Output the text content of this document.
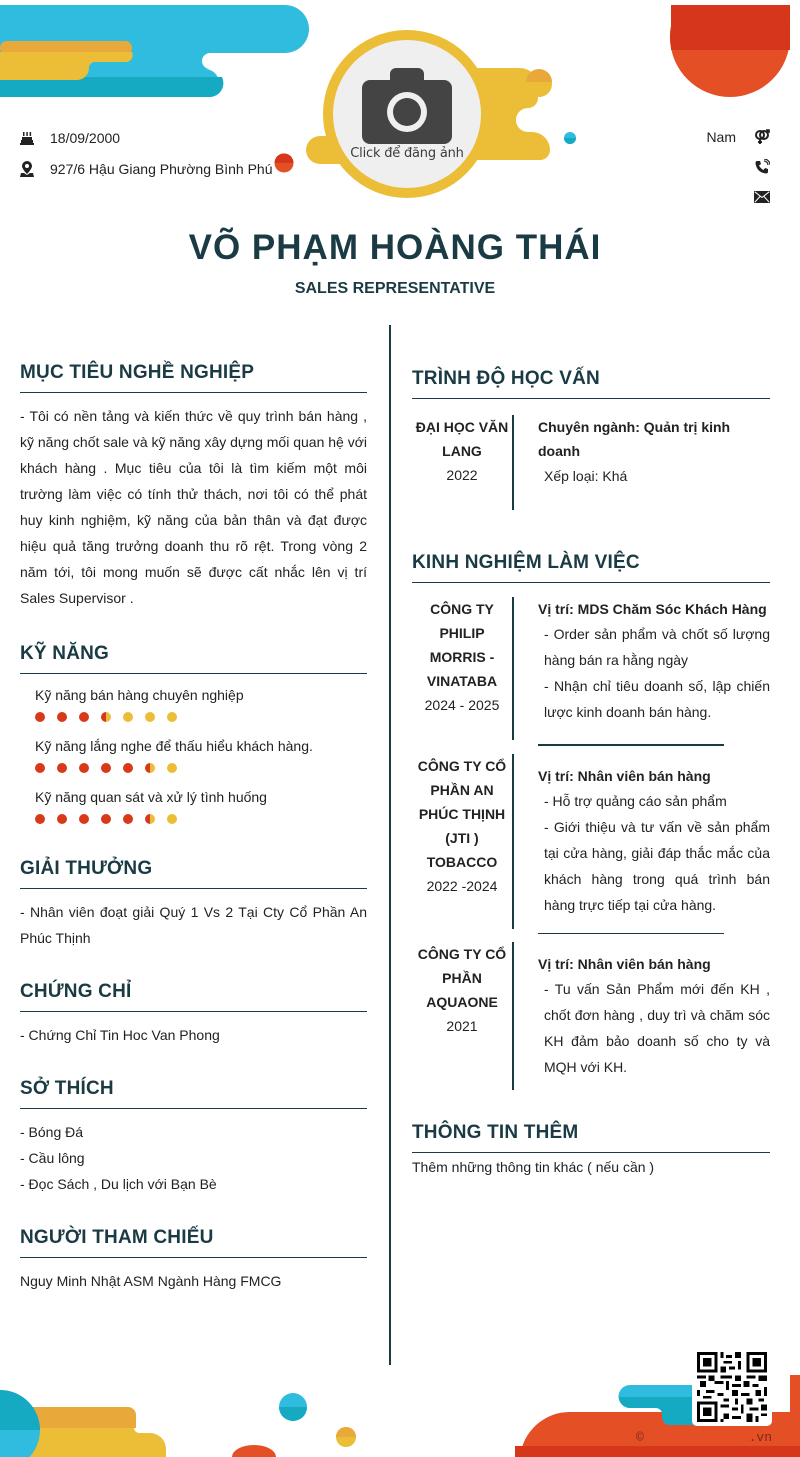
Click để đăng ảnh
18/09/2000
927/6 Hậu Giang Phường Bình Phú
Nam
VÕ PHẠM HOÀNG THÁI
SALES REPRESENTATIVE
MỤC TIÊU NGHỀ NGHIỆP

- Tôi có nền tảng và kiến thức về quy trình bán hàng , kỹ năng chốt sale và kỹ năng xây dựng mối quan hệ với khách hàng . Mục tiêu của tôi là tìm kiếm một môi trường làm việc có tính thử thách, nơi tôi có thể phát huy kinh nghiệm, kỹ năng của bản thân và đạt được hiệu quả tăng trưởng doanh thu rõ rệt. Trong vòng 2 năm tới, tôi mong muốn sẽ được cất nhắc lên vị trí Sales Supervisor .

KỸ NĂNG
Kỹ năng bán hàng chuyên nghiệp
Kỹ năng lắng nghe để thấu hiểu khách hàng.
Kỹ năng quan sát và xử lý tình huống
GIẢI THƯỞNG

- Nhân viên đoạt giải Quý 1 Vs 2 Tại Cty Cổ Phần An Phúc Thịnh

CHỨNG CHỈ
- Chứng Chỉ Tin Hoc Van Phong
SỞ THÍCH
- Bóng Đá
- Cầu lông
- Đọc Sách , Du lịch với Bạn Bè
NGƯỜI THAM CHIẾU
Nguy Minh Nhật ASM Ngành Hàng FMCG
TRÌNH ĐỘ HỌC VẤN
ĐẠI HỌC VĂN LANG
2022
Chuyên ngành: Quản trị kinh doanh
Xếp loại: Khá
KINH NGHIỆM LÀM VIỆC
CÔNG TY PHILIP MORRIS - VINATABA
2024 - 2025
Vị trí: MDS Chăm Sóc Khách Hàng
- Order sản phẩm và chốt số lượng hàng bán ra hằng ngày
- Nhận chỉ tiêu doanh số, lập chiến lược kinh doanh bán hàng.
CÔNG TY CỔ PHẦN AN PHÚC THỊNH (JTI ) TOBACCO
2022 -2024
Vị trí: Nhân viên bán hàng
- Hỗ trợ quảng cáo sản phẩm
- Giới thiệu và tư vấn về sản phẩm tại cửa hàng, giải đáp thắc mắc của khách hàng trong quá trình bán hàng trực tiếp tại cửa hàng.
CÔNG TY CỔ PHẦN AQUAONE
2021
Vị trí: Nhân viên bán hàng
- Tu vấn Sản Phẩm mới đến KH , chốt đơn hàng , duy trì và chăm sóc KH đảm bảo doanh số cho ty và MQH với KH.
THÔNG TIN THÊM
Thêm những thông tin khác ( nếu cần )
©	.vn
